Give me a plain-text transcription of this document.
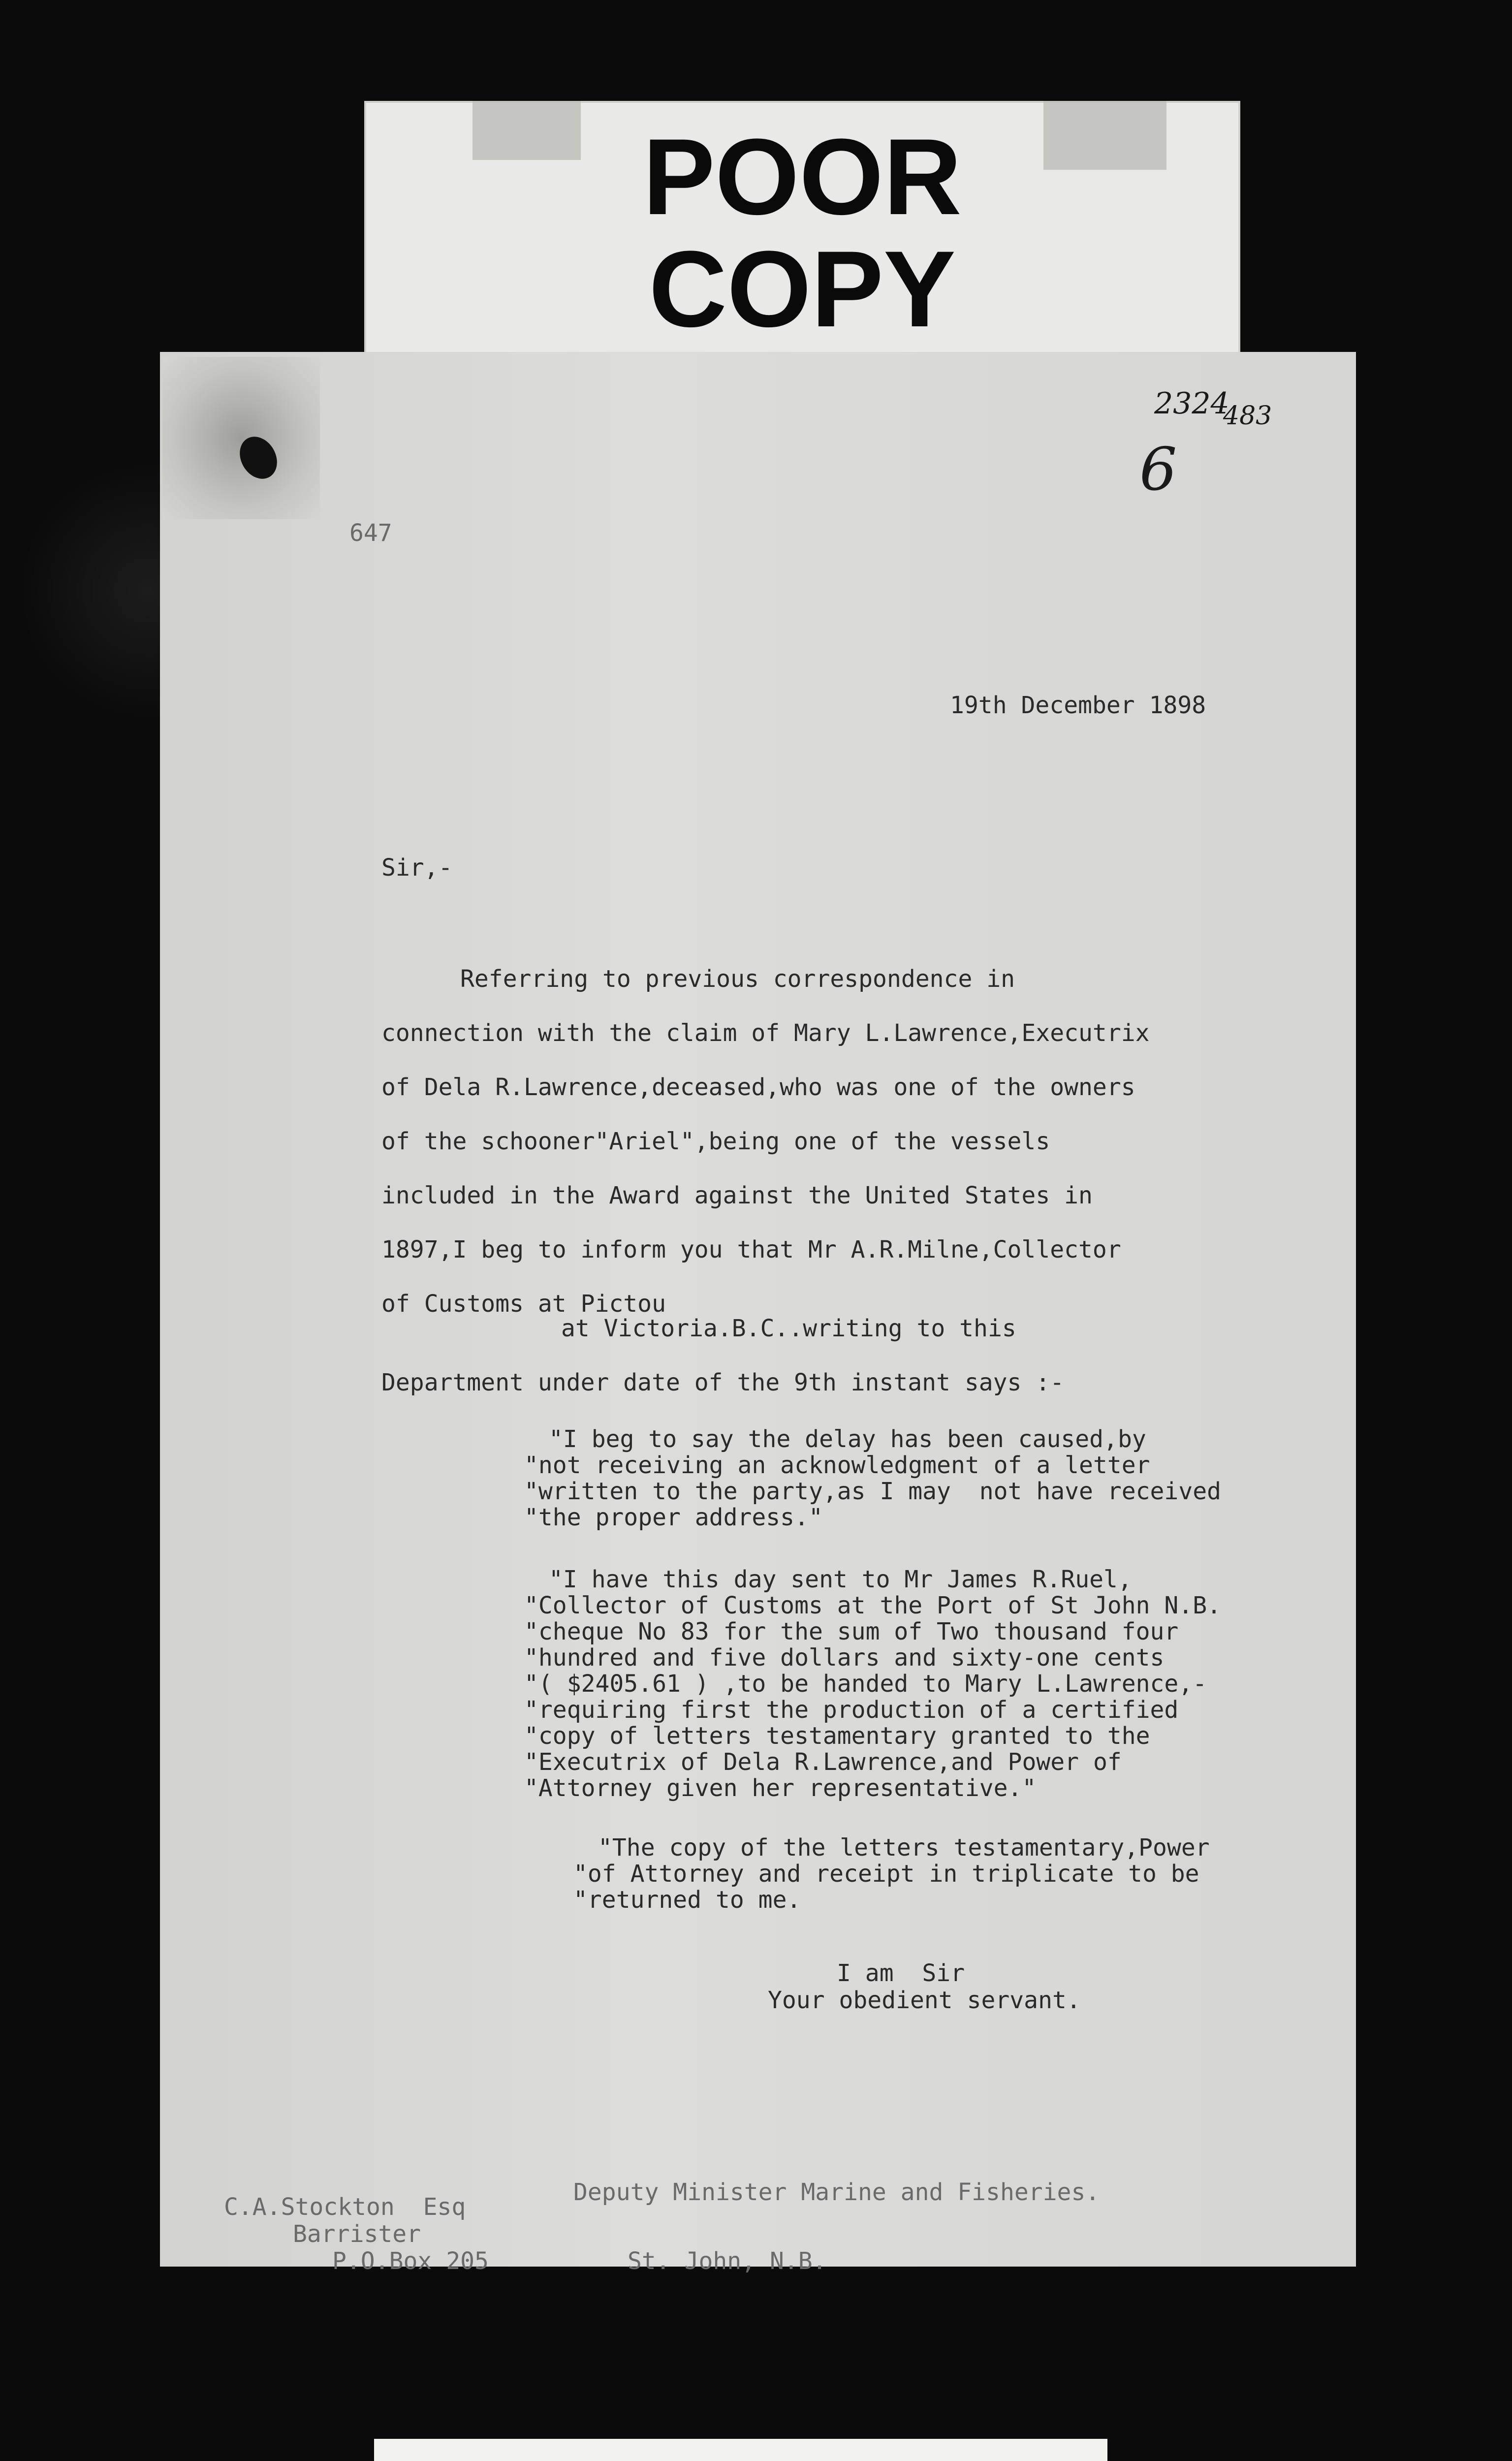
POOR
COPY
2324
483
6
647
19th December 1898
Sir,-
Referring to previous correspondence in
connection with the claim of Mary L.Lawrence,Executrix
of Dela R.Lawrence,deceased,who was one of the owners
of the schooner"Ariel",being one of the vessels
included in the Award against the United States in
1897,I beg to inform you that Mr A.R.Milne,Collector
of Customs at Pictou
at Victoria.B.C..writing to this
Department under date of the 9th instant says :-
"I beg to say the delay has been caused,by
"not receiving an acknowledgment of a letter
"written to the party,as I may  not have received
"the proper address."
"I have this day sent to Mr James R.Ruel,
"Collector of Customs at the Port of St John N.B.
"cheque No 83 for the sum of Two thousand four
"hundred and five dollars and sixty-one cents
"( $2405.61 ) ,to be handed to Mary L.Lawrence,-
"requiring first the production of a certified
"copy of letters testamentary granted to the
"Executrix of Dela R.Lawrence,and Power of
"Attorney given her representative."
"The copy of the letters testamentary,Power
"of Attorney and receipt in triplicate to be
"returned to me.
I am  Sir
Your obedient servant.
Deputy Minister Marine and Fisheries.
C.A.Stockton  Esq
Barrister
P.O.Box 205	St. John, N.B.
